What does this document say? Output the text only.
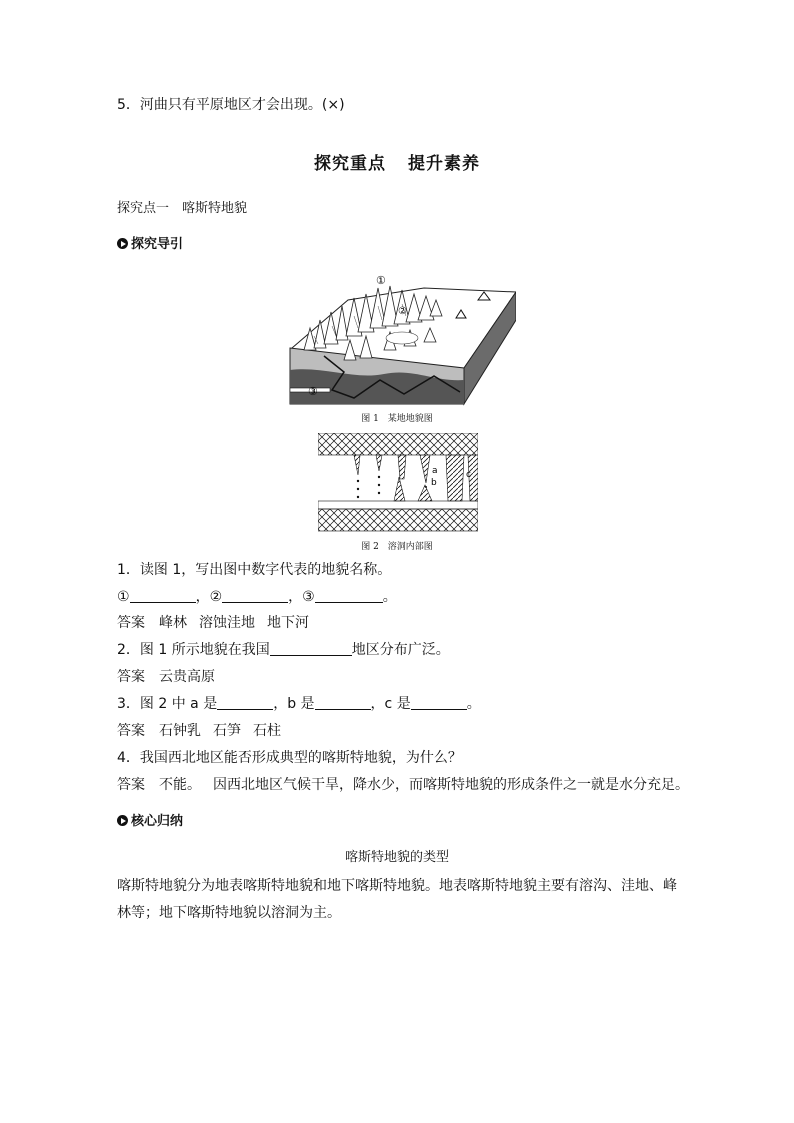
5．河曲只有平原地区才会出现。(×)
探究重点 提升素养
探究点一　喀斯特地貌
探究导引
①
②
③
图 1　某地地貌图
a
b
c
图 2　溶洞内部图
1．读图 1，写出图中数字代表的地貌名称。
①	，②	，③	。
答案 峰林 溶蚀洼地 地下河
2．图 1 所示地貌在我国	地区分布广泛。
答案 云贵高原
3．图 2 中 a 是	，b 是	，c 是	。
答案 石钟乳 石笋 石柱
4．我国西北地区能否形成典型的喀斯特地貌，为什么？
答案 不能。 因西北地区气候干旱，降水少，而喀斯特地貌的形成条件之一就是水分充足。
核心归纳
喀斯特地貌的类型
喀斯特地貌分为地表喀斯特地貌和地下喀斯特地貌。地表喀斯特地貌主要有溶沟、洼地、峰林等；地下喀斯特地貌以溶洞为主。
